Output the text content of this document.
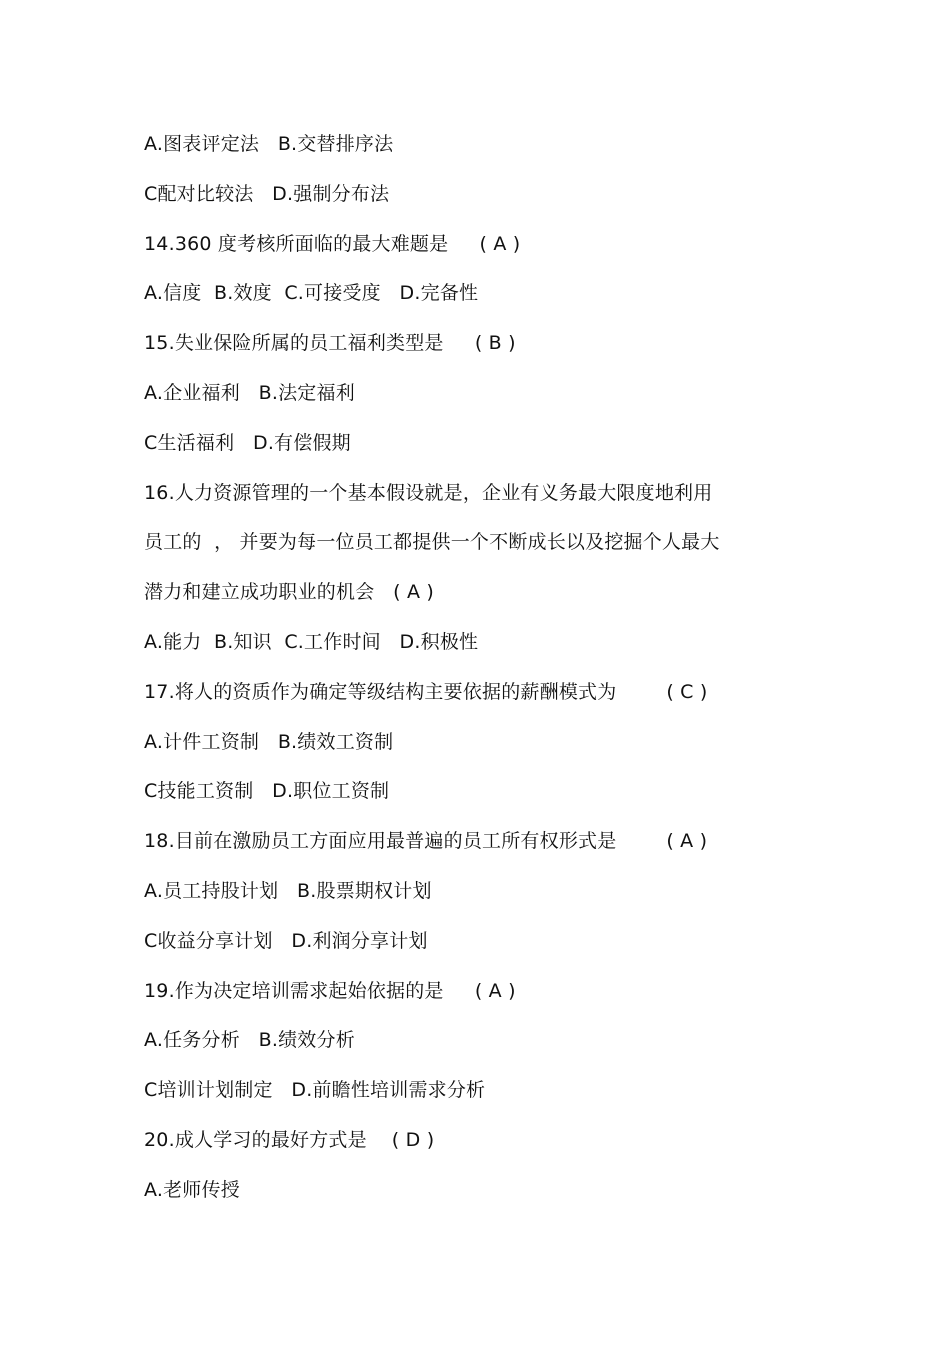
A.图表评定法   B.交替排序法
C配对比较法   D.强制分布法
14.360 度考核所面临的最大难题是     ( A )
A.信度  B.效度  C.可接受度   D.完备性
15.失业保险所属的员工福利类型是     ( B )
A.企业福利   B.法定福利
C生活福利   D.有偿假期
16.人力资源管理的一个基本假设就是，企业有义务最大限度地利用
员工的  ， 并要为每一位员工都提供一个不断成长以及挖掘个人最大
潜力和建立成功职业的机会   ( A )
A.能力  B.知识  C.工作时间   D.积极性
17.将人的资质作为确定等级结构主要依据的薪酬模式为        ( C )
A.计件工资制   B.绩效工资制
C技能工资制   D.职位工资制
18.目前在激励员工方面应用最普遍的员工所有权形式是        ( A )
A.员工持股计划   B.股票期权计划
C收益分享计划   D.利润分享计划
19.作为决定培训需求起始依据的是     ( A )
A.任务分析   B.绩效分析
C培训计划制定   D.前瞻性培训需求分析
20.成人学习的最好方式是    ( D )
A.老师传授
